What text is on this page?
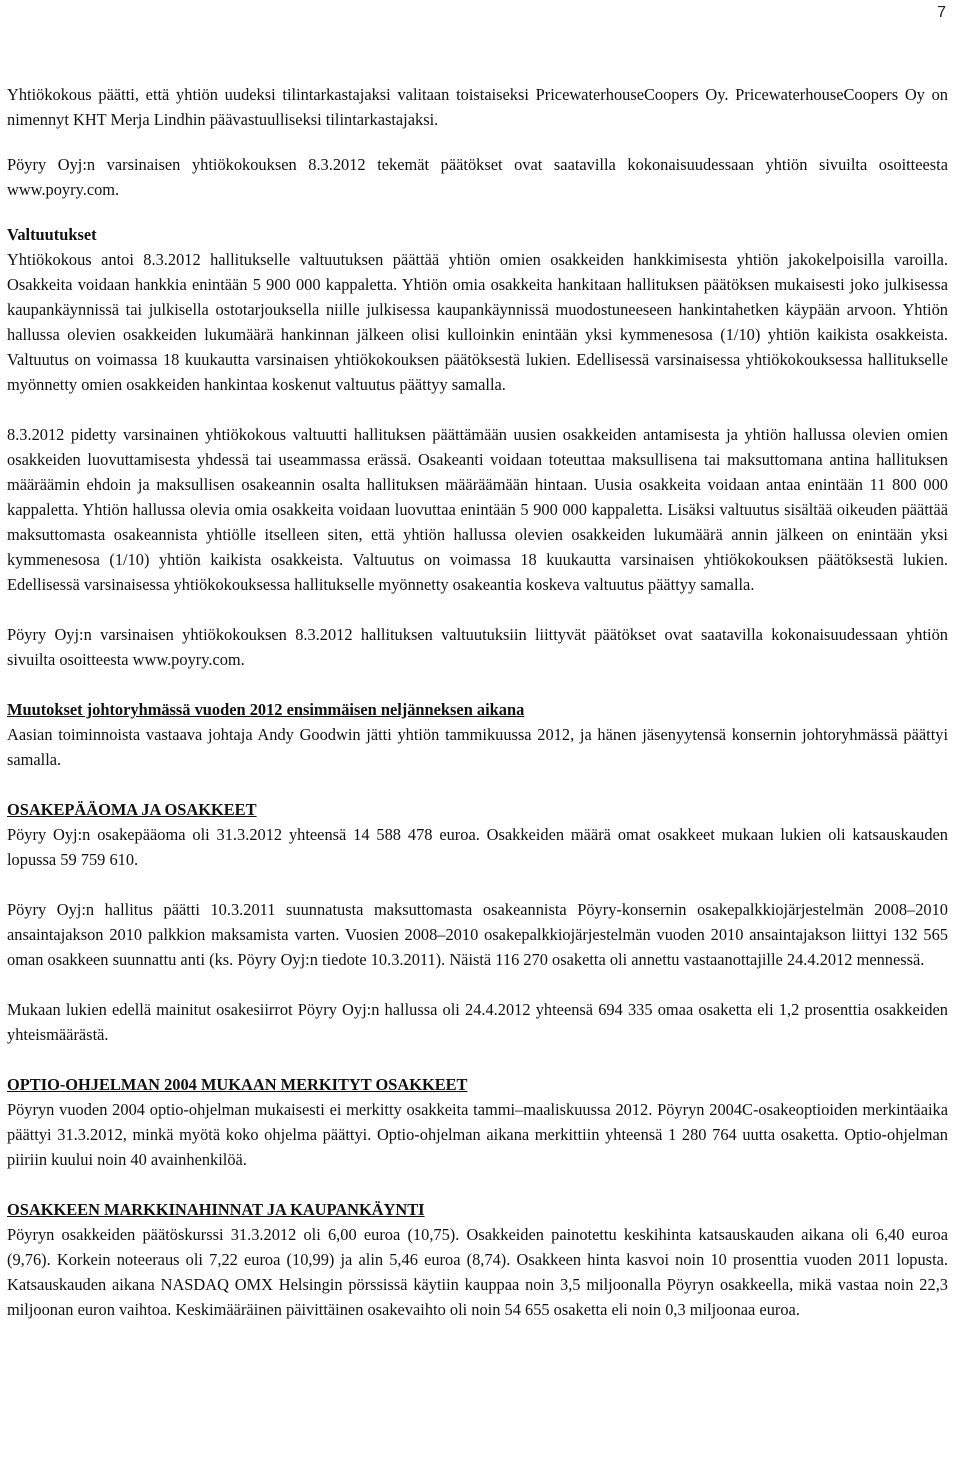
7

Yhtiökokous päätti, että yhtiön uudeksi tilintarkastajaksi valitaan toistaiseksi PricewaterhouseCoopers Oy. PricewaterhouseCoopers Oy on nimennyt KHT Merja Lindhin päävastuulliseksi tilintarkastajaksi.

Pöyry Oyj:n varsinaisen yhtiökokouksen 8.3.2012 tekemät päätökset ovat saatavilla kokonaisuudessaan yhtiön sivuilta osoitteesta www.poyry.com.

Valtuutukset

Yhtiökokous antoi 8.3.2012 hallitukselle valtuutuksen päättää yhtiön omien osakkeiden hankkimisesta yhtiön jakokelpoisilla varoilla. Osakkeita voidaan hankkia enintään 5 900 000 kappaletta. Yhtiön omia osakkeita hankitaan hallituksen päätöksen mukaisesti joko julkisessa kaupankäynnissä tai julkisella ostotarjouksella niille julkisessa kaupankäynnissä muodostuneeseen hankintahetken käypään arvoon. Yhtiön hallussa olevien osakkeiden lukumäärä hankinnan jälkeen olisi kulloinkin enintään yksi kymmenesosa (1/10) yhtiön kaikista osakkeista. Valtuutus on voimassa 18 kuukautta varsinaisen yhtiökokouksen päätöksestä lukien. Edellisessä varsinaisessa yhtiökokouksessa hallitukselle myönnetty omien osakkeiden hankintaa koskenut valtuutus päättyy samalla.

8.3.2012 pidetty varsinainen yhtiökokous valtuutti hallituksen päättämään uusien osakkeiden antamisesta ja yhtiön hallussa olevien omien osakkeiden luovuttamisesta yhdessä tai useammassa erässä. Osakeanti voidaan toteuttaa maksullisena tai maksuttomana antina hallituksen määräämin ehdoin ja maksullisen osakeannin osalta hallituksen määräämään hintaan. Uusia osakkeita voidaan antaa enintään 11 800 000 kappaletta. Yhtiön hallussa olevia omia osakkeita voidaan luovuttaa enintään 5 900 000 kappaletta. Lisäksi valtuutus sisältää oikeuden päättää maksuttomasta osakeannista yhtiölle itselleen siten, että yhtiön hallussa olevien osakkeiden lukumäärä annin jälkeen on enintään yksi kymmenesosa (1/10) yhtiön kaikista osakkeista. Valtuutus on voimassa 18 kuukautta varsinaisen yhtiökokouksen päätöksestä lukien. Edellisessä varsinaisessa yhtiökokouksessa hallitukselle myönnetty osakeantia koskeva valtuutus päättyy samalla.

Pöyry Oyj:n varsinaisen yhtiökokouksen 8.3.2012 hallituksen valtuutuksiin liittyvät päätökset ovat saatavilla kokonaisuudessaan yhtiön sivuilta osoitteesta www.poyry.com.

Muutokset johtoryhmässä vuoden 2012 ensimmäisen neljänneksen aikana

Aasian toiminnoista vastaava johtaja Andy Goodwin jätti yhtiön tammikuussa 2012, ja hänen jäsenyytensä konsernin johtoryhmässä päättyi samalla.

OSAKEPÄÄOMA JA OSAKKEET

Pöyry Oyj:n osakepääoma oli 31.3.2012 yhteensä 14 588 478 euroa. Osakkeiden määrä omat osakkeet mukaan lukien oli katsauskauden lopussa 59 759 610.

Pöyry Oyj:n hallitus päätti 10.3.2011 suunnatusta maksuttomasta osakeannista Pöyry-konsernin osakepalkkiojärjestelmän 2008–2010 ansaintajakson 2010 palkkion maksamista varten. Vuosien 2008–2010 osakepalkkiojärjestelmän vuoden 2010 ansaintajakson liittyi 132 565 oman osakkeen suunnattu anti (ks. Pöyry Oyj:n tiedote 10.3.2011). Näistä 116 270 osaketta oli annettu vastaanottajille 24.4.2012 mennessä.

Mukaan lukien edellä mainitut osakesiirrot Pöyry Oyj:n hallussa oli 24.4.2012 yhteensä 694 335 omaa osaketta eli 1,2 prosenttia osakkeiden yhteismäärästä.

OPTIO-OHJELMAN 2004 MUKAAN MERKITYT OSAKKEET

Pöyryn vuoden 2004 optio-ohjelman mukaisesti ei merkitty osakkeita tammi–maaliskuussa 2012. Pöyryn 2004C-osakeoptioiden merkintäaika päättyi 31.3.2012, minkä myötä koko ohjelma päättyi. Optio-ohjelman aikana merkittiin yhteensä 1 280 764 uutta osaketta. Optio-ohjelman piiriin kuului noin 40 avainhenkilöä.

OSAKKEEN MARKKINAHINNAT JA KAUPANKÄYNTI

Pöyryn osakkeiden päätöskurssi 31.3.2012 oli 6,00 euroa (10,75). Osakkeiden painotettu keskihinta katsauskauden aikana oli 6,40 euroa (9,76). Korkein noteeraus oli 7,22 euroa (10,99) ja alin 5,46 euroa (8,74). Osakkeen hinta kasvoi noin 10 prosenttia vuoden 2011 lopusta. Katsauskauden aikana NASDAQ OMX Helsingin pörssissä käytiin kauppaa noin 3,5 miljoonalla Pöyryn osakkeella, mikä vastaa noin 22,3 miljoonan euron vaihtoa. Keskimääräinen päivittäinen osakevaihto oli noin 54 655 osaketta eli noin 0,3 miljoonaa euroa.
